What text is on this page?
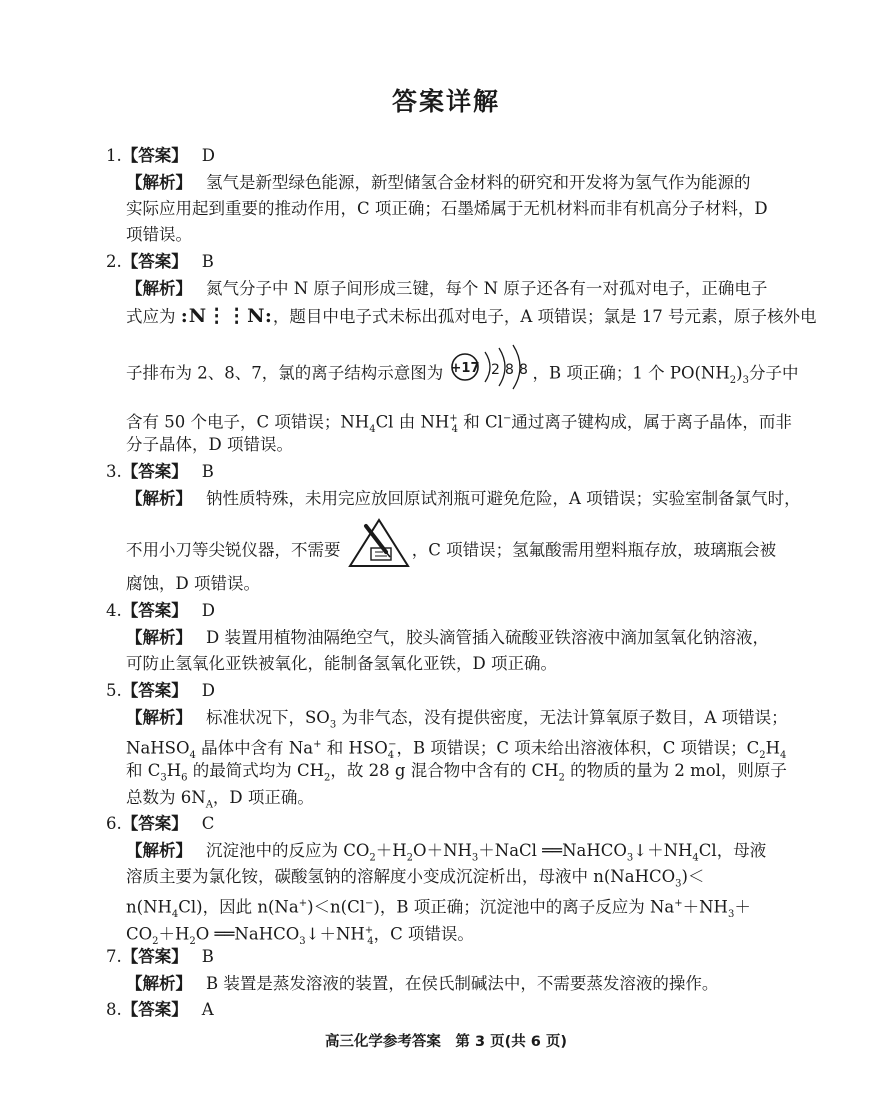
答案详解
1.【答案】 D
【解析】 氢气是新型绿色能源，新型储氢合金材料的研究和开发将为氢气作为能源的
实际应用起到重要的推动作用，C 项正确；石墨烯属于无机材料而非有机高分子材料，D
项错误。
2.【答案】 B
【解析】 氮气分子中 N 原子间形成三键，每个 N 原子还各有一对孤对电子，正确电子
式应为 :N⋮⋮N:，题目中电子式未标出孤对电子，A 项错误；氯是 17 号元素，原子核外电
子排布为 2、8、7，氯的离子结构示意图为 +17 2 8 8 ，B 项正确；1 个 $PO(NH_2)_3$分子中
含有 50 个电子，C 项错误；$NH_4Cl$ 由 $NH^+_4$ 和 Cl−通过离子键构成，属于离子晶体，而非
分子晶体，D 项错误。
3.【答案】 B
【解析】 钠性质特殊，未用完应放回原试剂瓶可避免危险，A 项错误；实验室制备氯气时，
不用小刀等尖锐仪器，不需要	，C 项错误；氢氟酸需用塑料瓶存放，玻璃瓶会被
腐蚀，D 项错误。
4.【答案】 D
【解析】 D 装置用植物油隔绝空气，胶头滴管插入硫酸亚铁溶液中滴加氢氧化钠溶液，
可防止氢氧化亚铁被氧化，能制备氢氧化亚铁，D 项正确。
5.【答案】 D
【解析】 标准状况下，$SO_3$ 为非气态，没有提供密度，无法计算氧原子数目，A 项错误；
NaHSO$_4$ 晶体中含有 Na+ 和 $HSO_4^-$，B 项错误；C 项未给出溶液体积，C 项错误；$C_2H_4$
和 $C_3H_6$ 的最简式均为 $CH_2$，故 28 g 混合物中含有的 $CH_2$ 的物质的量为 2 mol，则原子
总数为 $6N_A$，D 项正确。
6.【答案】 C
【解析】 沉淀池中的反应为 $CO_2+H_2O+NH_3+NaCl$ $══NaHCO_3↓+NH_4Cl$，母液
溶质主要为氯化铵，碳酸氢钠的溶解度小变成沉淀析出，母液中 n(NaHCO$_3$)＜
$n(NH_4Cl)$，因此 n(Na+)＜n(Cl−)，B 项正确；沉淀池中的离子反应为 $Na^++NH_3+$
$CO_2+H_2O$ $══NaHCO_3↓+NH^+_4$，C 项错误。
7.【答案】 B
【解析】 B 装置是蒸发溶液的装置，在侯氏制碱法中，不需要蒸发溶液的操作。
8.【答案】 A
高三化学参考答案　第 3 页(共 6 页)
